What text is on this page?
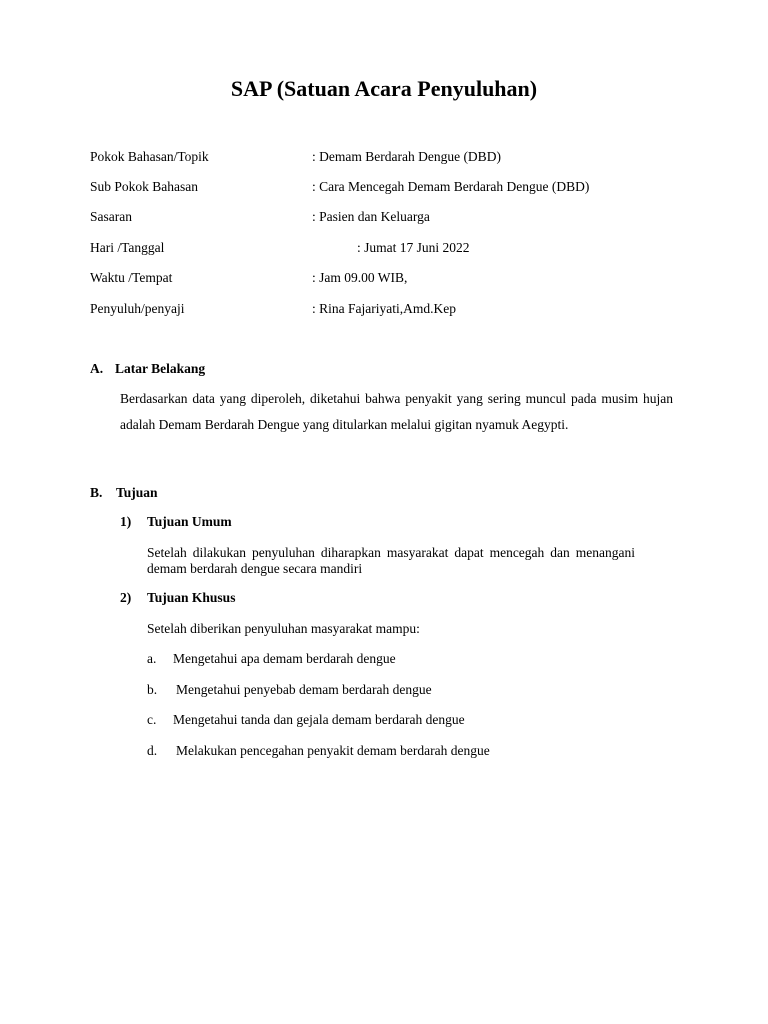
SAP (Satuan Acara Penyuluhan)
Pokok Bahasan/Topik	: Demam Berdarah Dengue (DBD)
Sub Pokok Bahasan	: Cara Mencegah Demam Berdarah Dengue (DBD)
Sasaran	: Pasien dan Keluarga
Hari /Tanggal	: Jumat 17 Juni 2022
Waktu /Tempat	: Jam 09.00 WIB,
Penyuluh/penyaji	: Rina Fajariyati,Amd.Kep
A. Latar Belakang

Berdasarkan data yang diperoleh, diketahui bahwa penyakit yang sering muncul pada musim hujan adalah Demam Berdarah Dengue yang ditularkan melalui gigitan nyamuk Aegypti.

B. Tujuan
1) Tujuan Umum

Setelah dilakukan penyuluhan diharapkan masyarakat dapat mencegah dan menangani demam berdarah dengue secara mandiri

2) Tujuan Khusus
Setelah diberikan penyuluhan masyarakat mampu:
a. Mengetahui apa demam berdarah dengue
b. Mengetahui penyebab demam berdarah dengue
c. Mengetahui tanda dan gejala demam berdarah dengue
d. Melakukan pencegahan penyakit demam berdarah dengue
